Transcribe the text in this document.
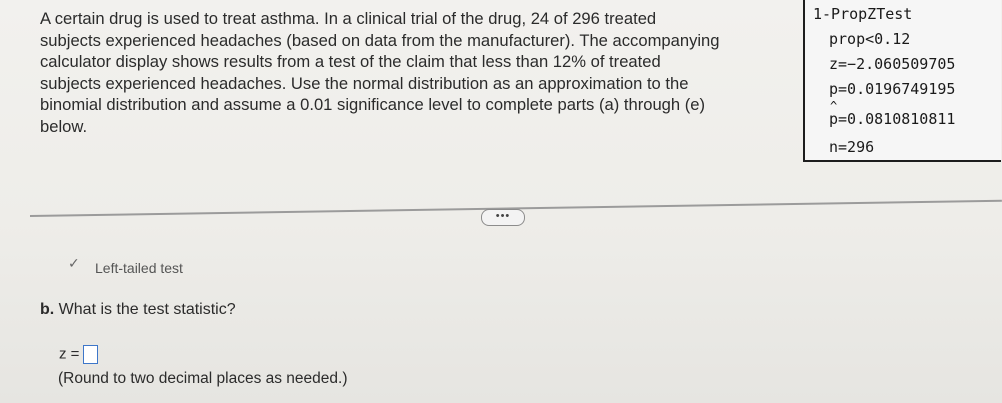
A certain drug is used to treat asthma. In a clinical trial of the drug, 24 of 296 treated
subjects experienced headaches (based on data from the manufacturer). The accompanying
calculator display shows results from a test of the claim that less than 12% of treated
subjects experienced headaches. Use the normal distribution as an approximation to the
binomial distribution and assume a 0.01 significance level to complete parts (a) through (e)
below.
1-PropZTest
prop<0.12
z=−2.060509705
p=0.0196749195
^ p=0.0810810811
n=296
•••
✓
b. What is the test statistic?
z =
(Round to two decimal places as needed.)
